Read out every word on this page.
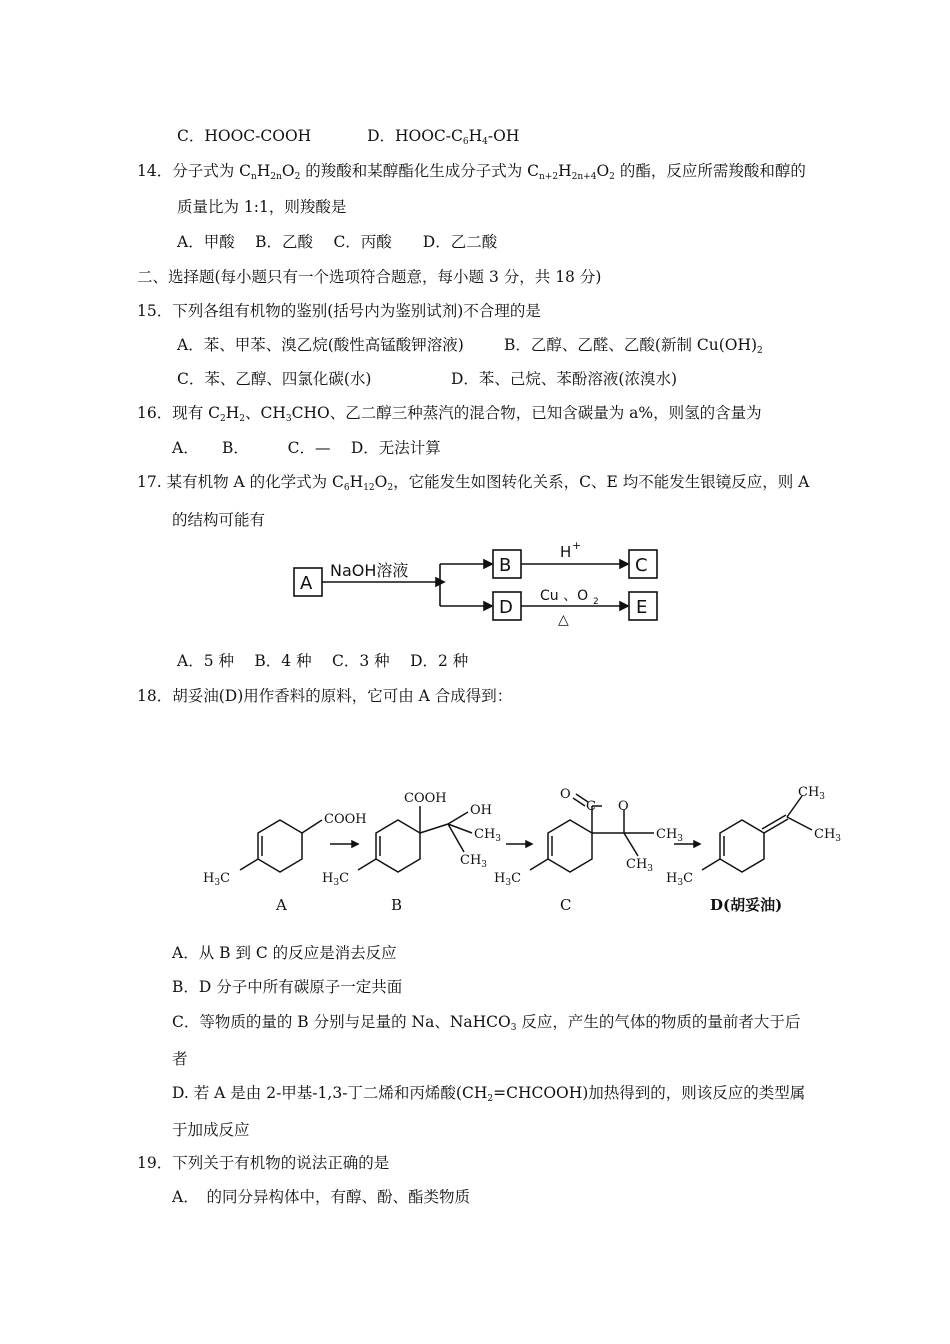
C．HOOC-COOH	D．HOOC-$C_6H_4-OH$
14．分子式为 $C_nH_{2n}O_2$ 的羧酸和某醇酯化生成分子式为 $C_{n+2}H_{2n+4}O_2$ 的酯，反应所需羧酸和醇的
质量比为 1:1，则羧酸是
A．甲酸　 B．乙酸　 C．丙酸　　D．乙二酸
二、选择题(每小题只有一个选项符合题意，每小题 3 分，共 18 分)
15．下列各组有机物的鉴别(括号内为鉴别试剂)不合理的是
A．苯、甲苯、溴乙烷(酸性高锰酸钾溶液)	B．乙醇、乙醛、乙酸(新制 $Cu(OH)_2$
C．苯、乙醇、四氯化碳(水)	D．苯、己烷、苯酚溶液(浓溴水)
16．现有 $C_2H_2$、$CH_3CHO$、乙二醇三种蒸汽的混合物，已知含碳量为 a%，则氢的含量为
A．　　B．　　　C．—　 D．无法计算
17. 某有机物 A 的化学式为 $C_6H_{12}O_2$，它能发生如图转化关系，C、E 均不能发生银镜反应，则 A
的结构可能有
A
B
D
C
E
NaOH溶液
H +
Cu 、O 2
△
A．5 种　 B．4 种　 C．3 种　 D．2 种
18．胡妥油(D)用作香料的原料，它可由 A 合成得到：
COOH
$H_3C$
A
COOH
OH
$CH_3$
$CH_3$
$H_3C$
B
O
C O
$CH_3$
$CH_3$
$H_3C$
C
$CH_3$
$CH_3$
$H_3C$
D(胡妥油)
A．从 B 到 C 的反应是消去反应
B．D 分子中所有碳原子一定共面
C．等物质的量的 B 分别与足量的 Na、NaHCO$_3$ 反应，产生的气体的物质的量前者大于后
者
D. 若 A 是由 2-甲基-1,3-丁二烯和丙烯酸$(CH_2=CHCOOH)$加热得到的，则该反应的类型属
于加成反应
19．下列关于有机物的说法正确的是
A．　的同分异构体中，有醇、酚、酯类物质
